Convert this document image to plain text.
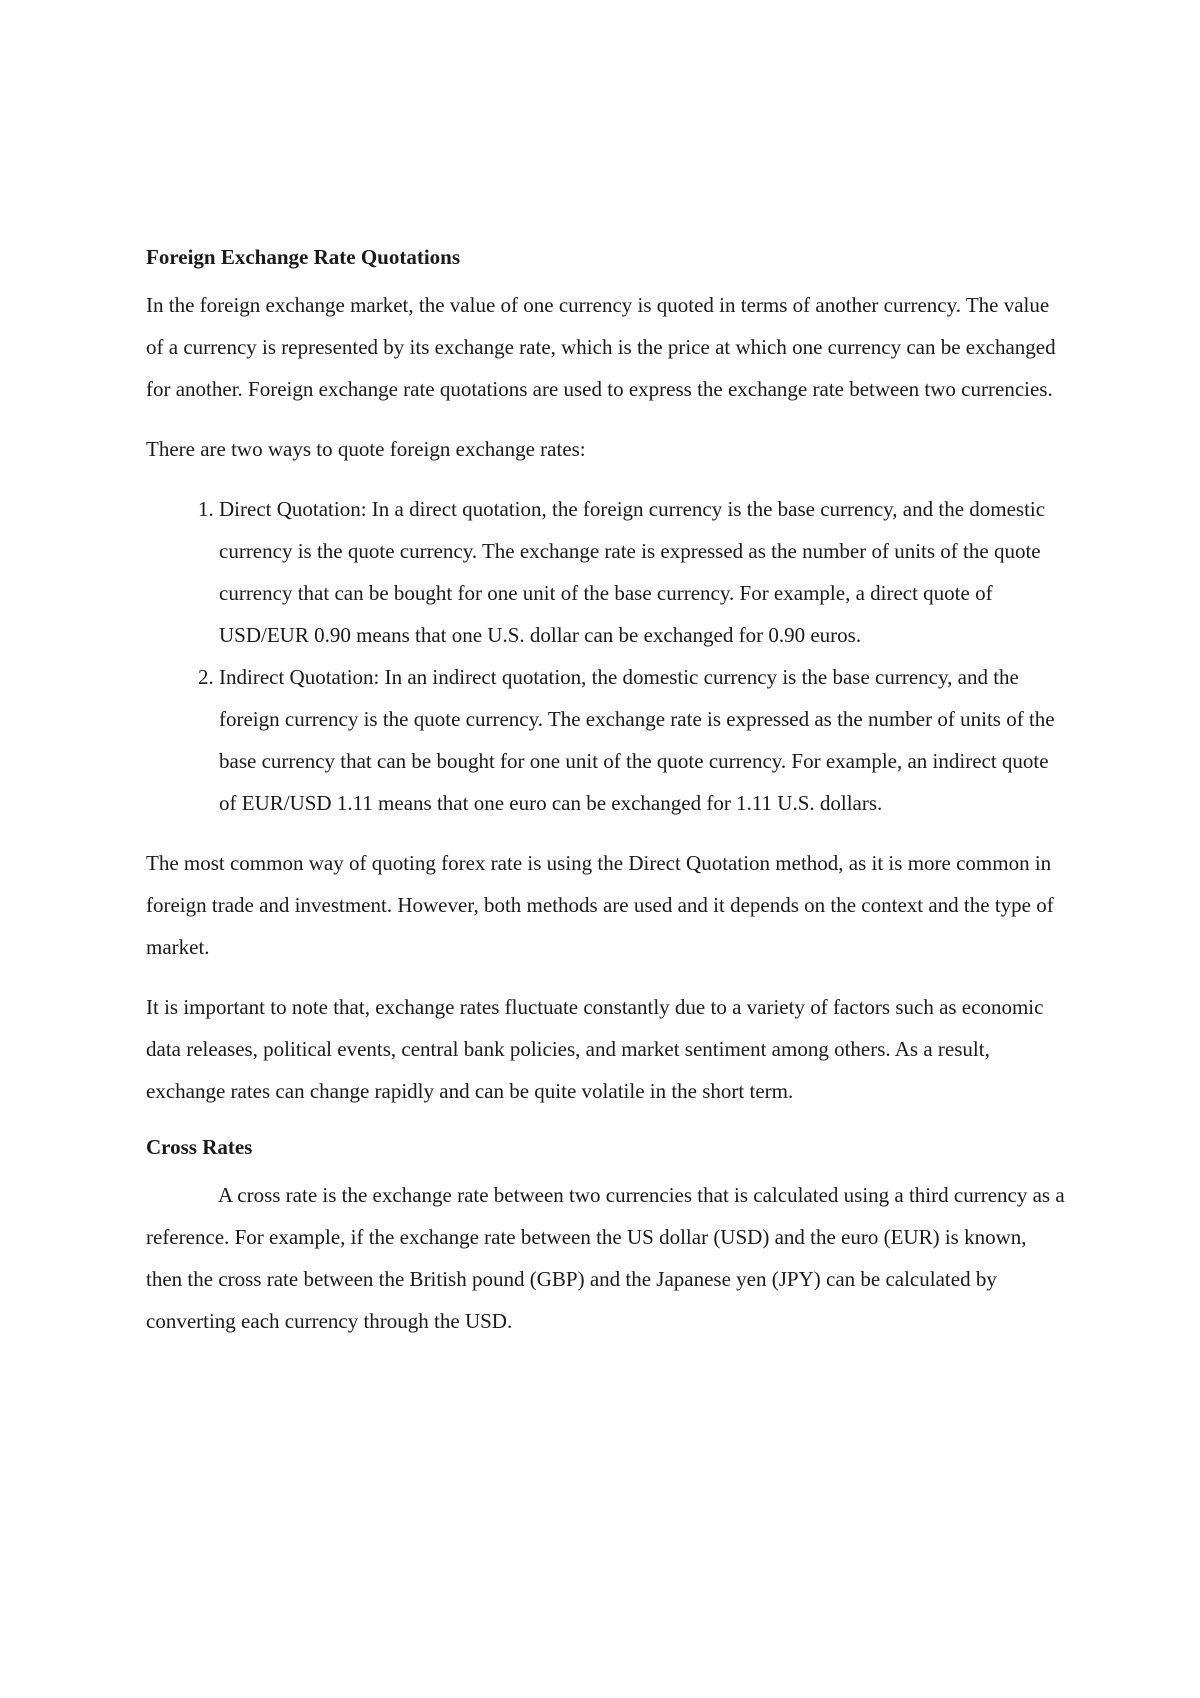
Foreign Exchange Rate Quotations

In the foreign exchange market, the value of one currency is quoted in terms of another currency. The value of a currency is represented by its exchange rate, which is the price at which one currency can be exchanged for another. Foreign exchange rate quotations are used to express the exchange rate between two currencies.

There are two ways to quote foreign exchange rates:

1. Direct Quotation: In a direct quotation, the foreign currency is the base currency, and the domestic currency is the quote currency. The exchange rate is expressed as the number of units of the quote currency that can be bought for one unit of the base currency. For example, a direct quote of USD/EUR 0.90 means that one U.S. dollar can be exchanged for 0.90 euros.
2. Indirect Quotation: In an indirect quotation, the domestic currency is the base currency, and the foreign currency is the quote currency. The exchange rate is expressed as the number of units of the base currency that can be bought for one unit of the quote currency. For example, an indirect quote of EUR/USD 1.11 means that one euro can be exchanged for 1.11 U.S. dollars.

The most common way of quoting forex rate is using the Direct Quotation method, as it is more common in foreign trade and investment. However, both methods are used and it depends on the context and the type of market.

It is important to note that, exchange rates fluctuate constantly due to a variety of factors such as economic data releases, political events, central bank policies, and market sentiment among others. As a result, exchange rates can change rapidly and can be quite volatile in the short term.

Cross Rates

A cross rate is the exchange rate between two currencies that is calculated using a third currency as a reference. For example, if the exchange rate between the US dollar (USD) and the euro (EUR) is known, then the cross rate between the British pound (GBP) and the Japanese yen (JPY) can be calculated by converting each currency through the USD.
